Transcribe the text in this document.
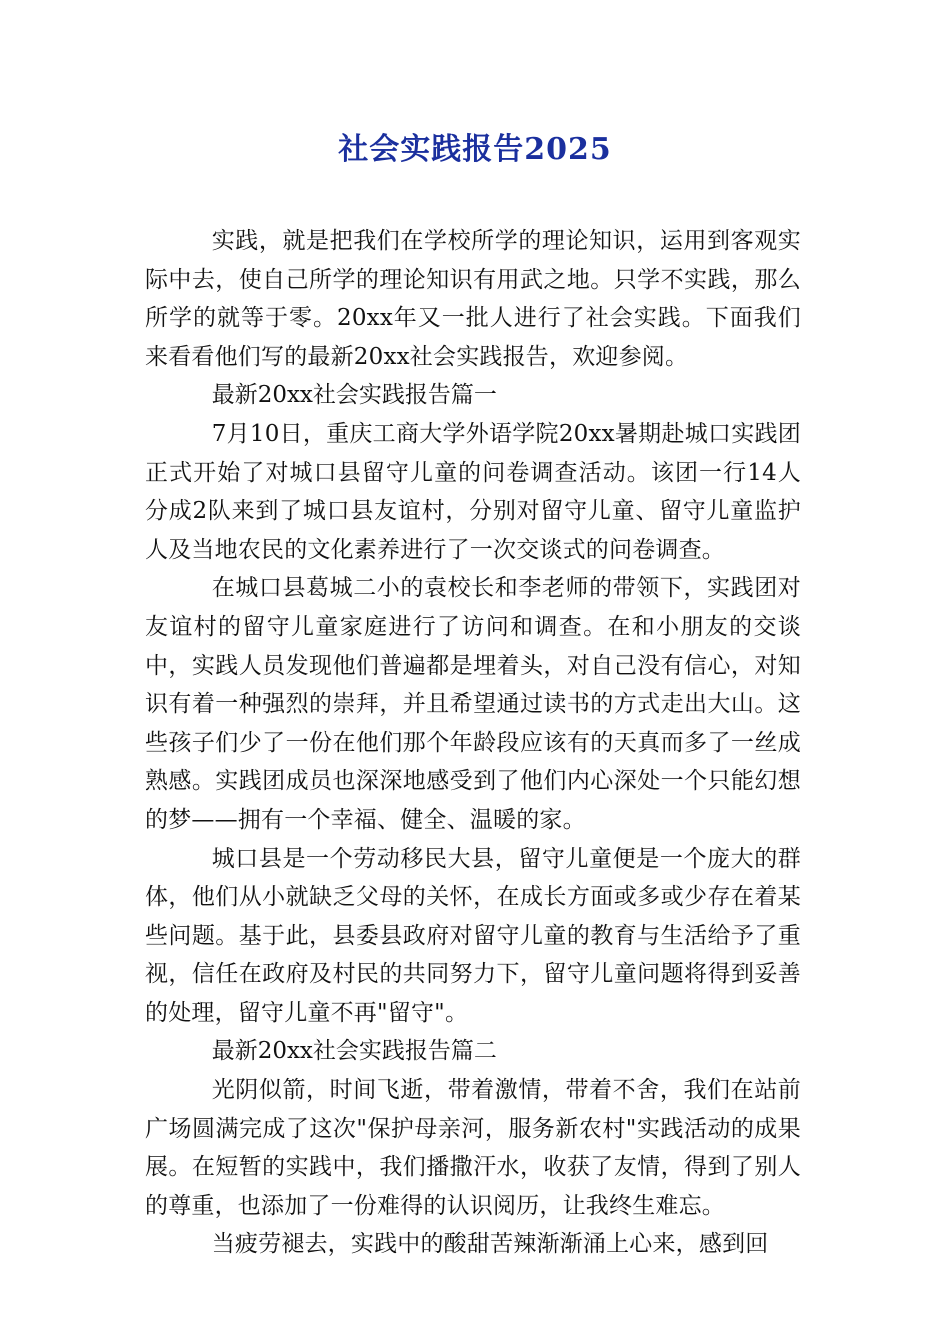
社会实践报告2025

实践，就是把我们在学校所学的理论知识，运用到客观实际中去，使自己所学的理论知识有用武之地。只学不实践，那么所学的就等于零。20xx年又一批人进行了社会实践。下面我们来看看他们写的最新20xx社会实践报告，欢迎参阅。

最新20xx社会实践报告篇一

7月10日，重庆工商大学外语学院20xx暑期赴城口实践团正式开始了对城口县留守儿童的问卷调查活动。该团一行14人分成2队来到了城口县友谊村，分别对留守儿童、留守儿童监护人及当地农民的文化素养进行了一次交谈式的问卷调查。

在城口县葛城二小的袁校长和李老师的带领下，实践团对友谊村的留守儿童家庭进行了访问和调查。在和小朋友的交谈中，实践人员发现他们普遍都是埋着头，对自己没有信心，对知识有着一种强烈的崇拜，并且希望通过读书的方式走出大山。这些孩子们少了一份在他们那个年龄段应该有的天真而多了一丝成熟感。实践团成员也深深地感受到了他们内心深处一个只能幻想的梦——拥有一个幸福、健全、温暖的家。

城口县是一个劳动移民大县，留守儿童便是一个庞大的群体，他们从小就缺乏父母的关怀，在成长方面或多或少存在着某些问题。基于此，县委县政府对留守儿童的教育与生活给予了重视，信任在政府及村民的共同努力下，留守儿童问题将得到妥善的处理，留守儿童不再"留守"。

最新20xx社会实践报告篇二

光阴似箭，时间飞逝，带着激情，带着不舍，我们在站前广场圆满完成了这次"保护母亲河，服务新农村"实践活动的成果展。在短暂的实践中，我们播撒汗水，收获了友情，得到了别人的尊重，也添加了一份难得的认识阅历，让我终生难忘。

当疲劳褪去，实践中的酸甜苦辣渐渐涌上心来，感到回
